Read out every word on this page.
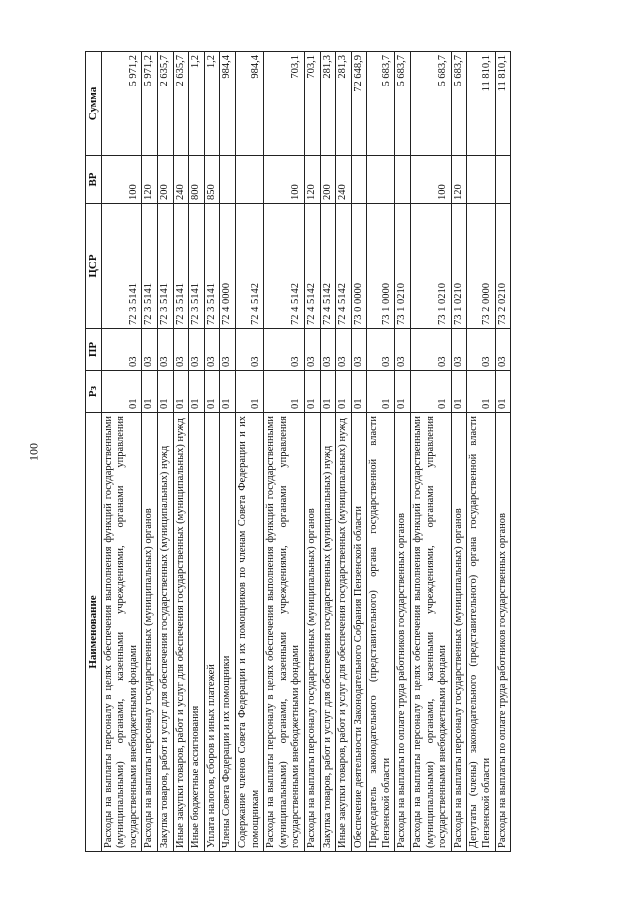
100
Наименование	Рз	ПР	ЦСР	ВР	Сумма
Расходы на выплаты персоналу в целях обеспечения выполнения функций государственными (муниципальными) органами, казенными учреждениями, органами управления государственными внебюджетными фондами	01	03	72 3 5141	100	5 971,2
Расходы на выплаты персоналу государственных (муниципальных) органов	01	03	72 3 5141	120	5 971,2
Закупка товаров, работ и услуг для обеспечения государственных (муниципальных) нужд	01	03	72 3 5141	200	2 635,7
Иные закупки товаров, работ и услуг для обеспечения государственных (муниципальных) нужд	01	03	72 3 5141	240	2 635,7
Иные бюджетные ассигнования	01	03	72 3 5141	800	1,2
Уплата налогов, сборов и иных платежей	01	03	72 3 5141	850	1,2
Члены Совета Федерации и их помощники	01	03	72 4 0000		984,4
Содержание членов Совета Федерации и их помощников по членам Совета Федерации и их помощникам	01	03	72 4 5142		984,4
Расходы на выплаты персоналу в целях обеспечения выполнения функций государственными (муниципальными) органами, казенными учреждениями, органами управления государственными внебюджетными фондами	01	03	72 4 5142	100	703,1
Расходы на выплаты персоналу государственных (муниципальных) органов	01	03	72 4 5142	120	703,1
Закупка товаров, работ и услуг для обеспечения государственных (муниципальных) нужд	01	03	72 4 5142	200	281,3
Иные закупки товаров, работ и услуг для обеспечения государственных (муниципальных) нужд	01	03	72 4 5142	240	281,3
Обеспечение деятельности Законодательного Собрания Пензенской области	01	03	73 0 0000		72 648,9
Председатель законодательного (представительного) органа государственной власти Пензенской области	01	03	73 1 0000		5 683,7
Расходы на выплаты по оплате труда работников государственных органов	01	03	73 1 0210		5 683,7
Расходы на выплаты персоналу в целях обеспечения выполнения функций государственными (муниципальными) органами, казенными учреждениями, органами управления государственными внебюджетными фондами	01	03	73 1 0210	100	5 683,7
Расходы на выплаты персоналу государственных (муниципальных) органов	01	03	73 1 0210	120	5 683,7
Депутаты (члены) законодательного (представительного) органа государственной власти Пензенской области	01	03	73 2 0000		11 810,1
Расходы на выплаты по оплате труда работников государственных органов	01	03	73 2 0210		11 810,1
